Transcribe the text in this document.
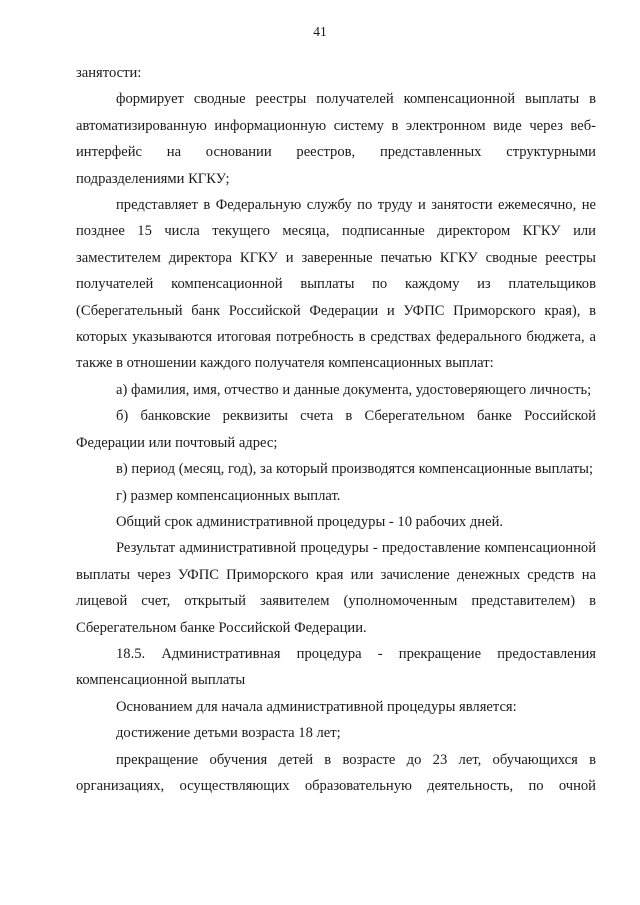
41

занятости:

формирует сводные реестры получателей компенсационной выплаты в автоматизированную информационную систему в электронном виде через веб-интерфейс на основании реестров, представленных структурными подразделениями КГКУ;

представляет в Федеральную службу по труду и занятости ежемесячно, не позднее 15 числа текущего месяца, подписанные директором КГКУ или заместителем директора КГКУ и заверенные печатью КГКУ сводные реестры получателей компенсационной выплаты по каждому из плательщиков (Сберегательный банк Российской Федерации и УФПС Приморского края), в которых указываются итоговая потребность в средствах федерального бюджета, а также в отношении каждого получателя компенсационных выплат:

а) фамилия, имя, отчество и данные документа, удостоверяющего личность;

б) банковские реквизиты счета в Сберегательном банке Российской Федерации или почтовый адрес;

в) период (месяц, год), за который производятся компенсационные выплаты;

г) размер компенсационных выплат.

Общий срок административной процедуры - 10 рабочих дней.

Результат административной процедуры - предоставление компенсационной выплаты через УФПС Приморского края или зачисление денежных средств на лицевой счет, открытый заявителем (уполномоченным представителем) в Сберегательном банке Российской Федерации.

18.5. Административная процедура - прекращение предоставления компенсационной выплаты

Основанием для начала административной процедуры является:

достижение детьми возраста 18 лет;

прекращение обучения детей в возрасте до 23 лет, обучающихся в организациях, осуществляющих образовательную деятельность, по очной
